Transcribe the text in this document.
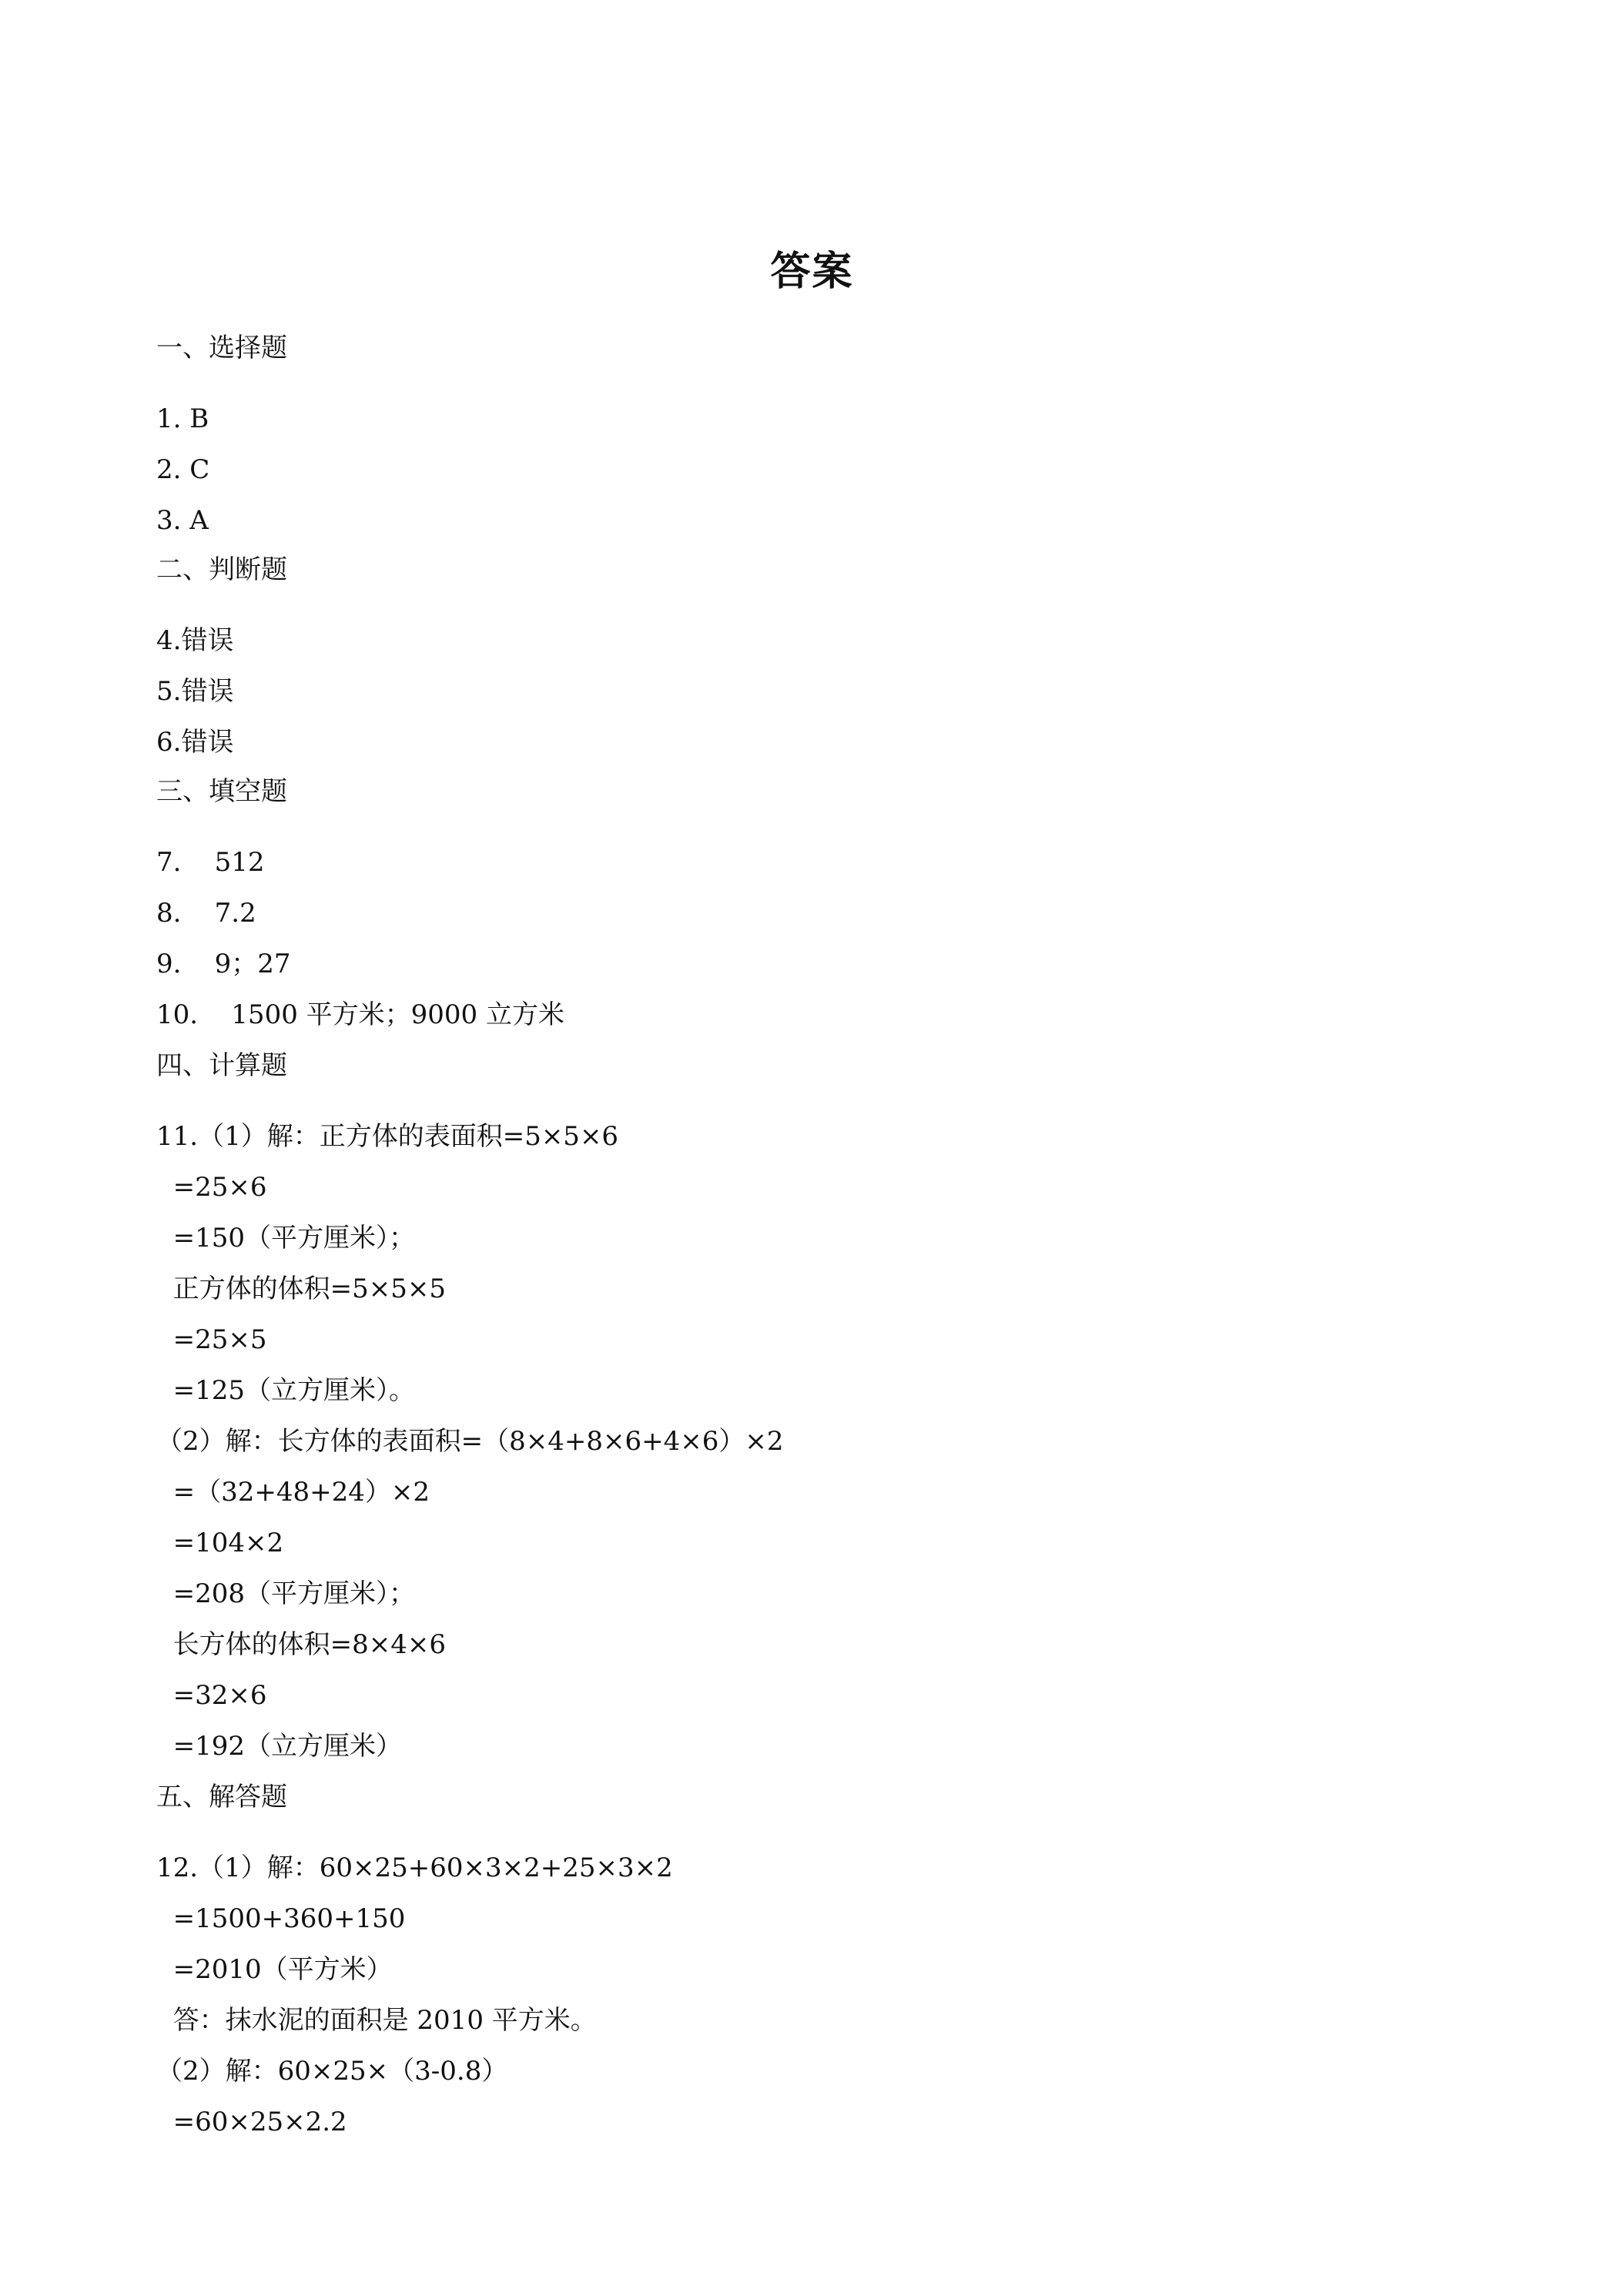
答案
一、选择题
1. B
2. C
3. A
二、判断题
4.错误
5.错误
6.错误
三、填空题
7.    512
8.    7.2
9.    9；27
10.    1500 平方米；9000 立方米
四、计算题
11.（1）解：正方体的表面积=5×5×6
=25×6
=150（平方厘米）；
正方体的体积=5×5×5
=25×5
=125（立方厘米）。
（2）解：长方体的表面积=（8×4+8×6+4×6）×2
=（32+48+24）×2
=104×2
=208（平方厘米）；
长方体的体积=8×4×6
=32×6
=192（立方厘米）
五、解答题
12.（1）解：60×25+60×3×2+25×3×2
=1500+360+150
=2010（平方米）
答：抹水泥的面积是 2010 平方米。
（2）解：60×25×（3-0.8）
=60×25×2.2
